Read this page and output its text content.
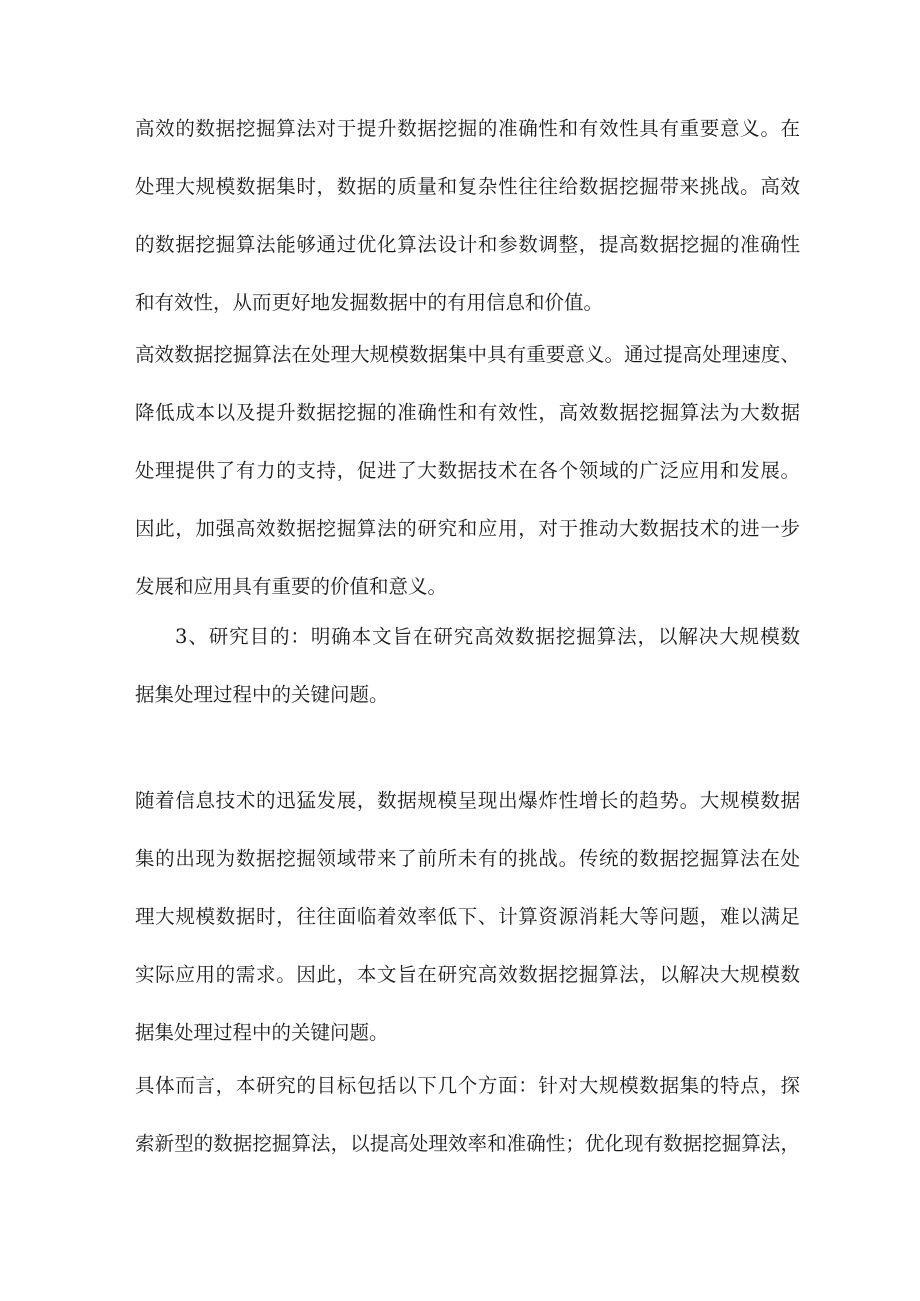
高效的数据挖掘算法对于提升数据挖掘的准确性和有效性具有重要意义。在
处理大规模数据集时，数据的质量和复杂性往往给数据挖掘带来挑战。高效
的数据挖掘算法能够通过优化算法设计和参数调整，提高数据挖掘的准确性
和有效性，从而更好地发掘数据中的有用信息和价值。
高效数据挖掘算法在处理大规模数据集中具有重要意义。通过提高处理速度、
降低成本以及提升数据挖掘的准确性和有效性，高效数据挖掘算法为大数据
处理提供了有力的支持，促进了大数据技术在各个领域的广泛应用和发展。
因此，加强高效数据挖掘算法的研究和应用，对于推动大数据技术的进一步
发展和应用具有重要的价值和意义。
3、研究目的：明确本文旨在研究高效数据挖掘算法，以解决大规模数
据集处理过程中的关键问题。
随着信息技术的迅猛发展，数据规模呈现出爆炸性增长的趋势。大规模数据
集的出现为数据挖掘领域带来了前所未有的挑战。传统的数据挖掘算法在处
理大规模数据时，往往面临着效率低下、计算资源消耗大等问题，难以满足
实际应用的需求。因此，本文旨在研究高效数据挖掘算法，以解决大规模数
据集处理过程中的关键问题。
具体而言，本研究的目标包括以下几个方面：针对大规模数据集的特点，探
索新型的数据挖掘算法，以提高处理效率和准确性；优化现有数据挖掘算法，
